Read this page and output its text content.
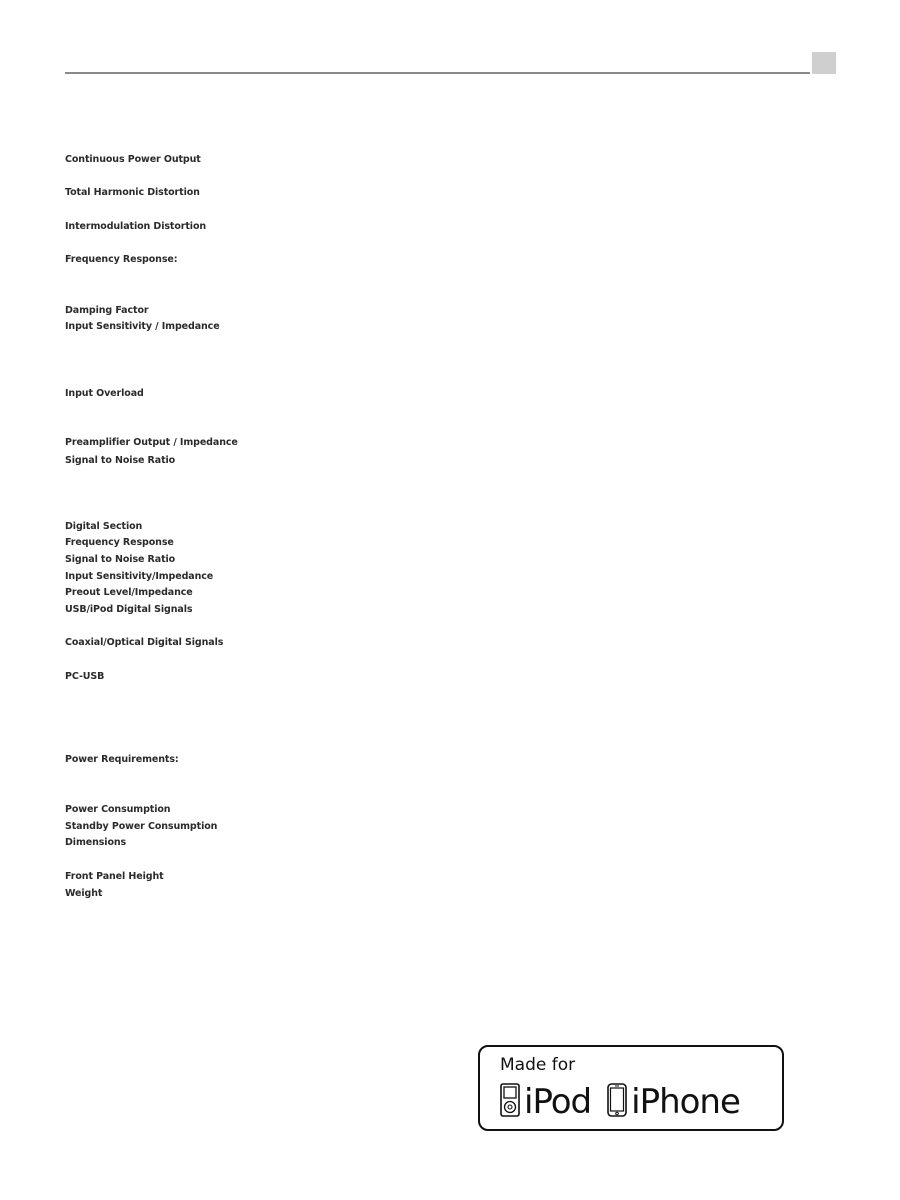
Continuous Power Output
Total Harmonic Distortion
Intermodulation Distortion
Frequency Response:
Damping Factor
Input Sensitivity / Impedance
Input Overload
Preamplifier Output / Impedance
Signal to Noise Ratio
Digital Section
Frequency Response
Signal to Noise Ratio
Input Sensitivity/Impedance
Preout Level/Impedance
USB/iPod Digital Signals
Coaxial/Optical Digital Signals
PC-USB
Power Requirements:
Power Consumption
Standby Power Consumption
Dimensions
Front Panel Height
Weight
Made for
iPod iPhone
